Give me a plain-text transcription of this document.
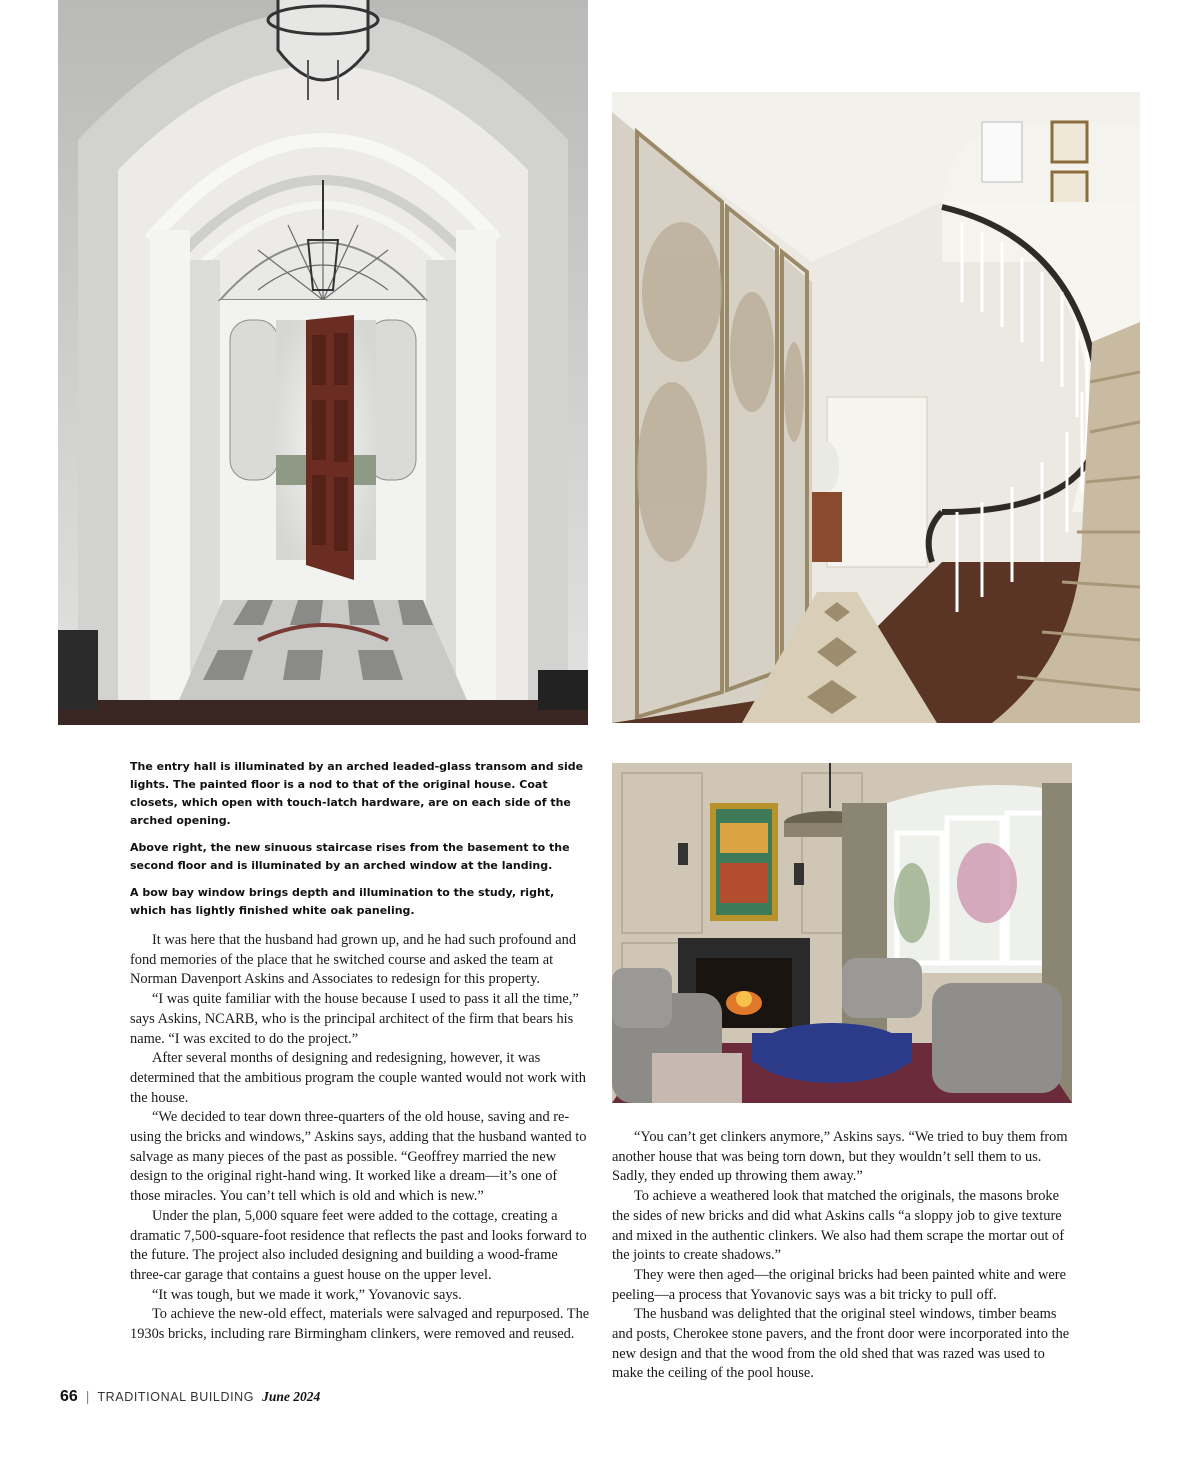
The entry hall is illuminated by an arched leaded-glass transom and side lights. The painted floor is a nod to that of the original house. Coat closets, which open with touch-latch hardware, are on each side of the arched opening.

Above right, the new sinuous staircase rises from the basement to the second floor and is illuminated by an arched window at the landing.

A bow bay window brings depth and illumination to the study, right, which has lightly finished white oak paneling.

It was here that the husband had grown up, and he had such profound and fond memories of the place that he switched course and asked the team at Norman Davenport Askins and Associates to redesign for this property.

“I was quite familiar with the house because I used to pass it all the time,” says Askins, NCARB, who is the principal architect of the firm that bears his name. “I was excited to do the project.”

After several months of designing and redesigning, however, it was determined that the ambitious program the couple wanted would not work with the house.

“We decided to tear down three-quarters of the old house, saving and re-using the bricks and windows,” Askins says, adding that the husband wanted to salvage as many pieces of the past as possible. “Geoffrey married the new design to the original right-hand wing. It worked like a dream—it’s one of those miracles. You can’t tell which is old and which is new.”

Under the plan, 5,000 square feet were added to the cottage, creating a dramatic 7,500-square-foot residence that reflects the past and looks forward to the future. The project also included designing and building a wood-frame three-car garage that contains a guest house on the upper level.

“It was tough, but we made it work,” Yovanovic says.

To achieve the new-old effect, materials were salvaged and repurposed. The 1930s bricks, including rare Birmingham clinkers, were removed and reused.

“You can’t get clinkers anymore,” Askins says. “We tried to buy them from another house that was being torn down, but they wouldn’t sell them to us. Sadly, they ended up throwing them away.”

To achieve a weathered look that matched the originals, the masons broke the sides of new bricks and did what Askins calls “a sloppy job to give texture and mixed in the authentic clinkers. We also had them scrape the mortar out of the joints to create shadows.”

They were then aged—the original bricks had been painted white and were peeling—a process that Yovanovic says was a bit tricky to pull off.

The husband was delighted that the original steel windows, timber beams and posts, Cherokee stone pavers, and the front door were incorporated into the new design and that the wood from the old shed that was razed was used to make the ceiling of the pool house.

66 | TRADITIONAL BUILDING June 2024
